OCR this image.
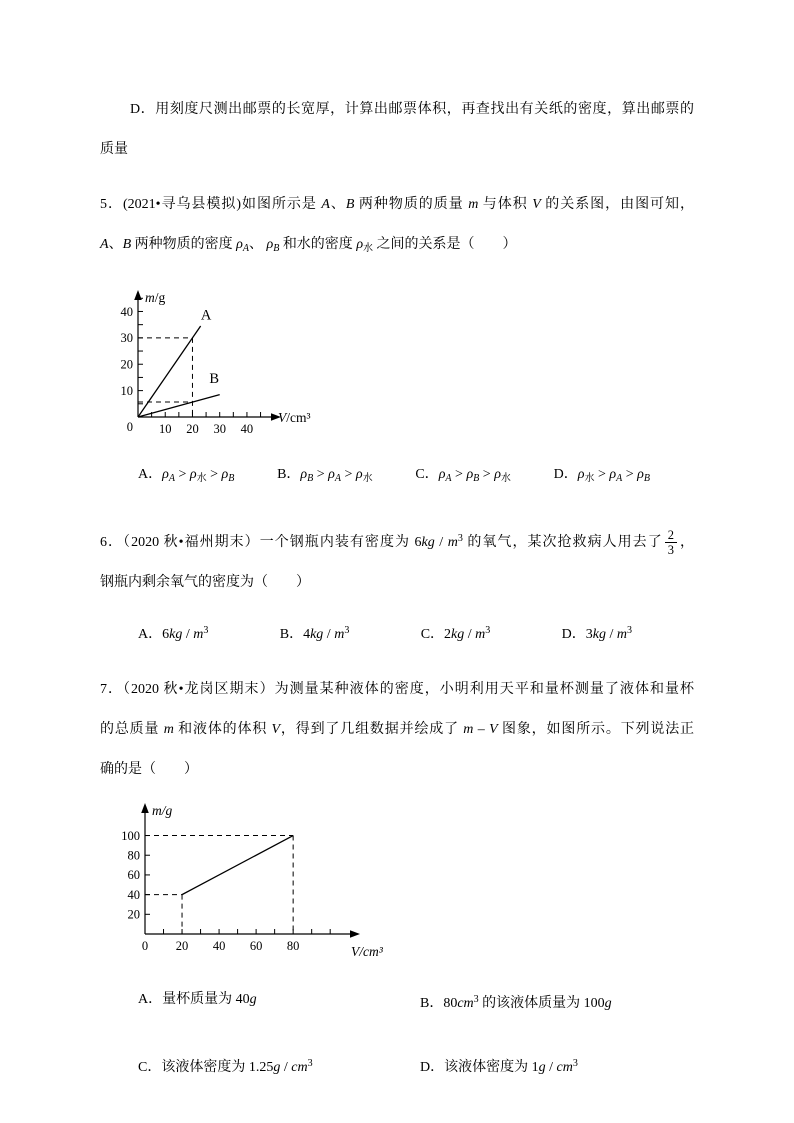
D．用刻度尺测出邮票的长宽厚，计算出邮票体积，再查找出有关纸的密度，算出邮票的

质量

5．(2021•寻乌县模拟)如图所示是 A、B 两种物质的质量 m 与体积 V 的关系图，由图可知，

A、B 两种物质的密度 $\rho_A$、 $\rho_B$ 和水的密度 $\rho_水$ 之间的关系是（　　）

10 20 30 40
10
20
30
40
0
A
B
m/g
V/cm³
A．$\rho_A > \rho_水 > \rho_B$	B．$\rho_B > \rho_A > \rho_水$	C．$\rho_A > \rho_B > \rho_水$	D．$\rho_水 > \rho_A > \rho_B$

6．（2020 秋•福州期末）一个钢瓶内装有密度为 $6kg / m^3$ 的氧气，某次抢救病人用去了 $\frac{2}{3}$ ，

钢瓶内剩余氧气的密度为（　　）

A．$6kg / m^3$	B．$4kg / m^3$	C．$2kg / m^3$	D．$3kg / m^3$

7．（2020 秋•龙岗区期末）为测量某种液体的密度，小明利用天平和量杯测量了液体和量杯

的总质量 m 和液体的体积 V，得到了几组数据并绘成了 m – V 图象，如图所示。下列说法正

确的是（　　）

0 20 40 60 80
20
40
60
80
100
m/g
V/cm³
A．量杯质量为 40g	B．$80cm^3$ 的该液体质量为 100g
C．该液体密度为 $1.25g / cm^3$	D．该液体密度为 $1g / cm^3$
